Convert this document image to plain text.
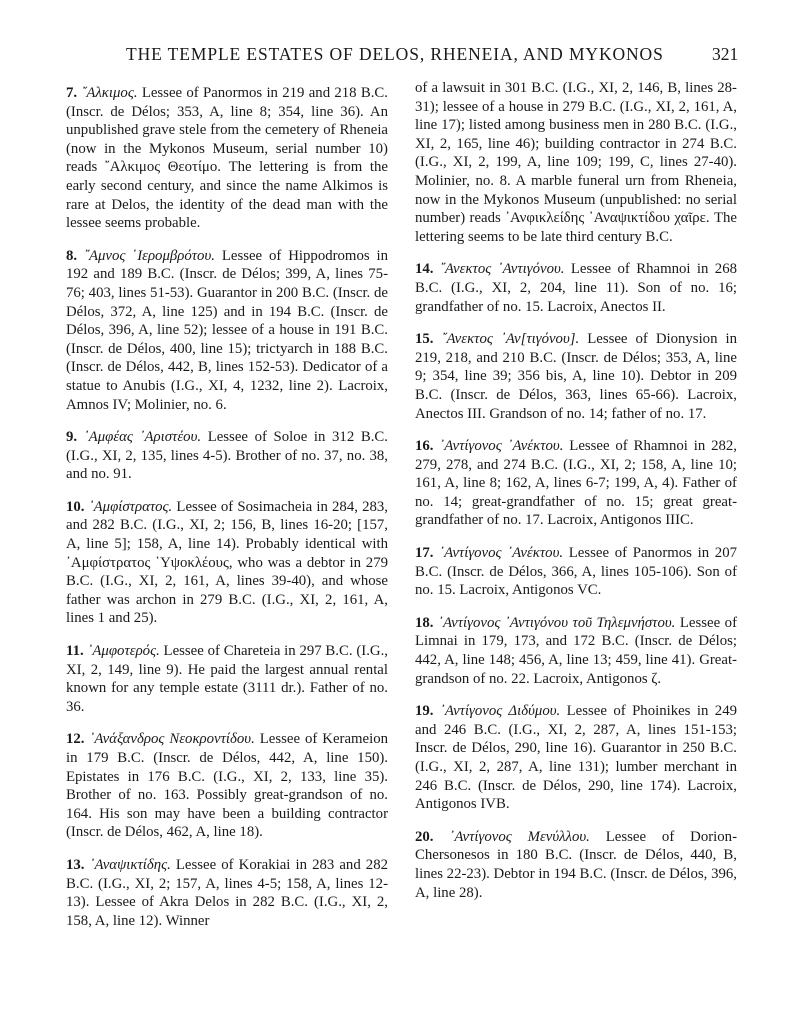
THE TEMPLE ESTATES OF DELOS, RHENEIA, AND MYKONOS	321

7. ῎Αλκιμος. Lessee of Panormos in 219 and 218 B.C. (Inscr. de Délos; 353, A, line 8; 354, line 36). An unpublished grave stele from the cemetery of Rheneia (now in the Mykonos Museum, serial number 10) reads ῎Αλκιμος Θεοτίμο. The lettering is from the early second century, and since the name Alkimos is rare at Delos, the identity of the dead man with the lessee seems probable.

8. ῎Αμνος ῾Ιερομβρότου. Lessee of Hippodromos in 192 and 189 B.C. (Inscr. de Délos; 399, A, lines 75-76; 403, lines 51-53). Guarantor in 200 B.C. (Inscr. de Délos, 372, A, line 125) and in 194 B.C. (Inscr. de Délos, 396, A, line 52); lessee of a house in 191 B.C. (Inscr. de Délos, 400, line 15); trictyarch in 188 B.C. (Inscr. de Délos, 442, B, lines 152-53). Dedicator of a statue to Anubis (I.G., XI, 4, 1232, line 2). Lacroix, Amnos IV; Molinier, no. 6.

9. ᾿Αμφέας ᾿Αριστέου. Lessee of Soloe in 312 B.C. (I.G., XI, 2, 135, lines 4-5). Brother of no. 37, no. 38, and no. 91.

10. ᾿Αμφίστρατος. Lessee of Sosimacheia in 284, 283, and 282 B.C. (I.G., XI, 2; 156, B, lines 16-20; [157, A, line 5]; 158, A, line 14). Probably identical with ᾿Αμφίστρατος ῾Υψοκλέους, who was a debtor in 279 B.C. (I.G., XI, 2, 161, A, lines 39-40), and whose father was archon in 279 B.C. (I.G., XI, 2, 161, A, lines 1 and 25).

11. ᾿Αμφοτερός. Lessee of Chareteia in 297 B.C. (I.G., XI, 2, 149, line 9). He paid the largest annual rental known for any temple estate (3111 dr.). Father of no. 36.

12. ᾿Ανάξανδρος Νεοκροντίδου. Lessee of Kerameion in 179 B.C. (Inscr. de Délos, 442, A, line 150). Epistates in 176 B.C. (I.G., XI, 2, 133, line 35). Brother of no. 163. Possibly great-grandson of no. 164. His son may have been a building contractor (Inscr. de Délos, 462, A, line 18).

13. ᾿Αναψικτίδης. Lessee of Korakiai in 283 and 282 B.C. (I.G., XI, 2; 157, A, lines 4-5; 158, A, lines 12-13). Lessee of Akra Delos in 282 B.C. (I.G., XI, 2, 158, A, line 12). Winner

of a lawsuit in 301 B.C. (I.G., XI, 2, 146, B, lines 28-31); lessee of a house in 279 B.C. (I.G., XI, 2, 161, A, line 17); listed among business men in 280 B.C. (I.G., XI, 2, 165, line 46); building contractor in 274 B.C. (I.G., XI, 2, 199, A, line 109; 199, C, lines 27-40). Molinier, no. 8. A marble funeral urn from Rheneia, now in the Mykonos Museum (unpublished: no serial number) reads ᾿Ανφικλείδης ᾿Αναψικτίδου χαῖρε. The lettering seems to be late third century B.C.

14. ῎Ανεκτος ᾿Αντιγόνου. Lessee of Rhamnoi in 268 B.C. (I.G., XI, 2, 204, line 11). Son of no. 16; grandfather of no. 15. Lacroix, Anectos II.

15. ῎Ανεκτος ᾿Αν[τιγόνου]. Lessee of Dionysion in 219, 218, and 210 B.C. (Inscr. de Délos; 353, A, line 9; 354, line 39; 356 bis, A, line 10). Debtor in 209 B.C. (Inscr. de Délos, 363, lines 65-66). Lacroix, Anectos III. Grandson of no. 14; father of no. 17.

16. ᾿Αντίγονος ᾿Ανέκτου. Lessee of Rhamnoi in 282, 279, 278, and 274 B.C. (I.G., XI, 2; 158, A, line 10; 161, A, line 8; 162, A, lines 6-7; 199, A, 4). Father of no. 14; great-grandfather of no. 15; great great-grandfather of no. 17. Lacroix, Antigonos IIIC.

17. ᾿Αντίγονος ᾿Ανέκτου. Lessee of Panormos in 207 B.C. (Inscr. de Délos, 366, A, lines 105-106). Son of no. 15. Lacroix, Antigonos VC.

18. ᾿Αντίγονος ᾿Αντιγόνου τοῦ Τηλεμνήστου. Lessee of Limnai in 179, 173, and 172 B.C. (Inscr. de Délos; 442, A, line 148; 456, A, line 13; 459, line 41). Great-grandson of no. 22. Lacroix, Antigonos ζ.

19. ᾿Αντίγονος Διδύμου. Lessee of Phoinikes in 249 and 246 B.C. (I.G., XI, 2, 287, A, lines 151-153; Inscr. de Délos, 290, line 16). Guarantor in 250 B.C. (I.G., XI, 2, 287, A, line 131); lumber merchant in 246 B.C. (Inscr. de Délos, 290, line 174). Lacroix, Antigonos IVB.

20. ᾿Αντίγονος Μενύλλου. Lessee of Dorion-Chersonesos in 180 B.C. (Inscr. de Délos, 440, B, lines 22-23). Debtor in 194 B.C. (Inscr. de Délos, 396, A, line 28).
